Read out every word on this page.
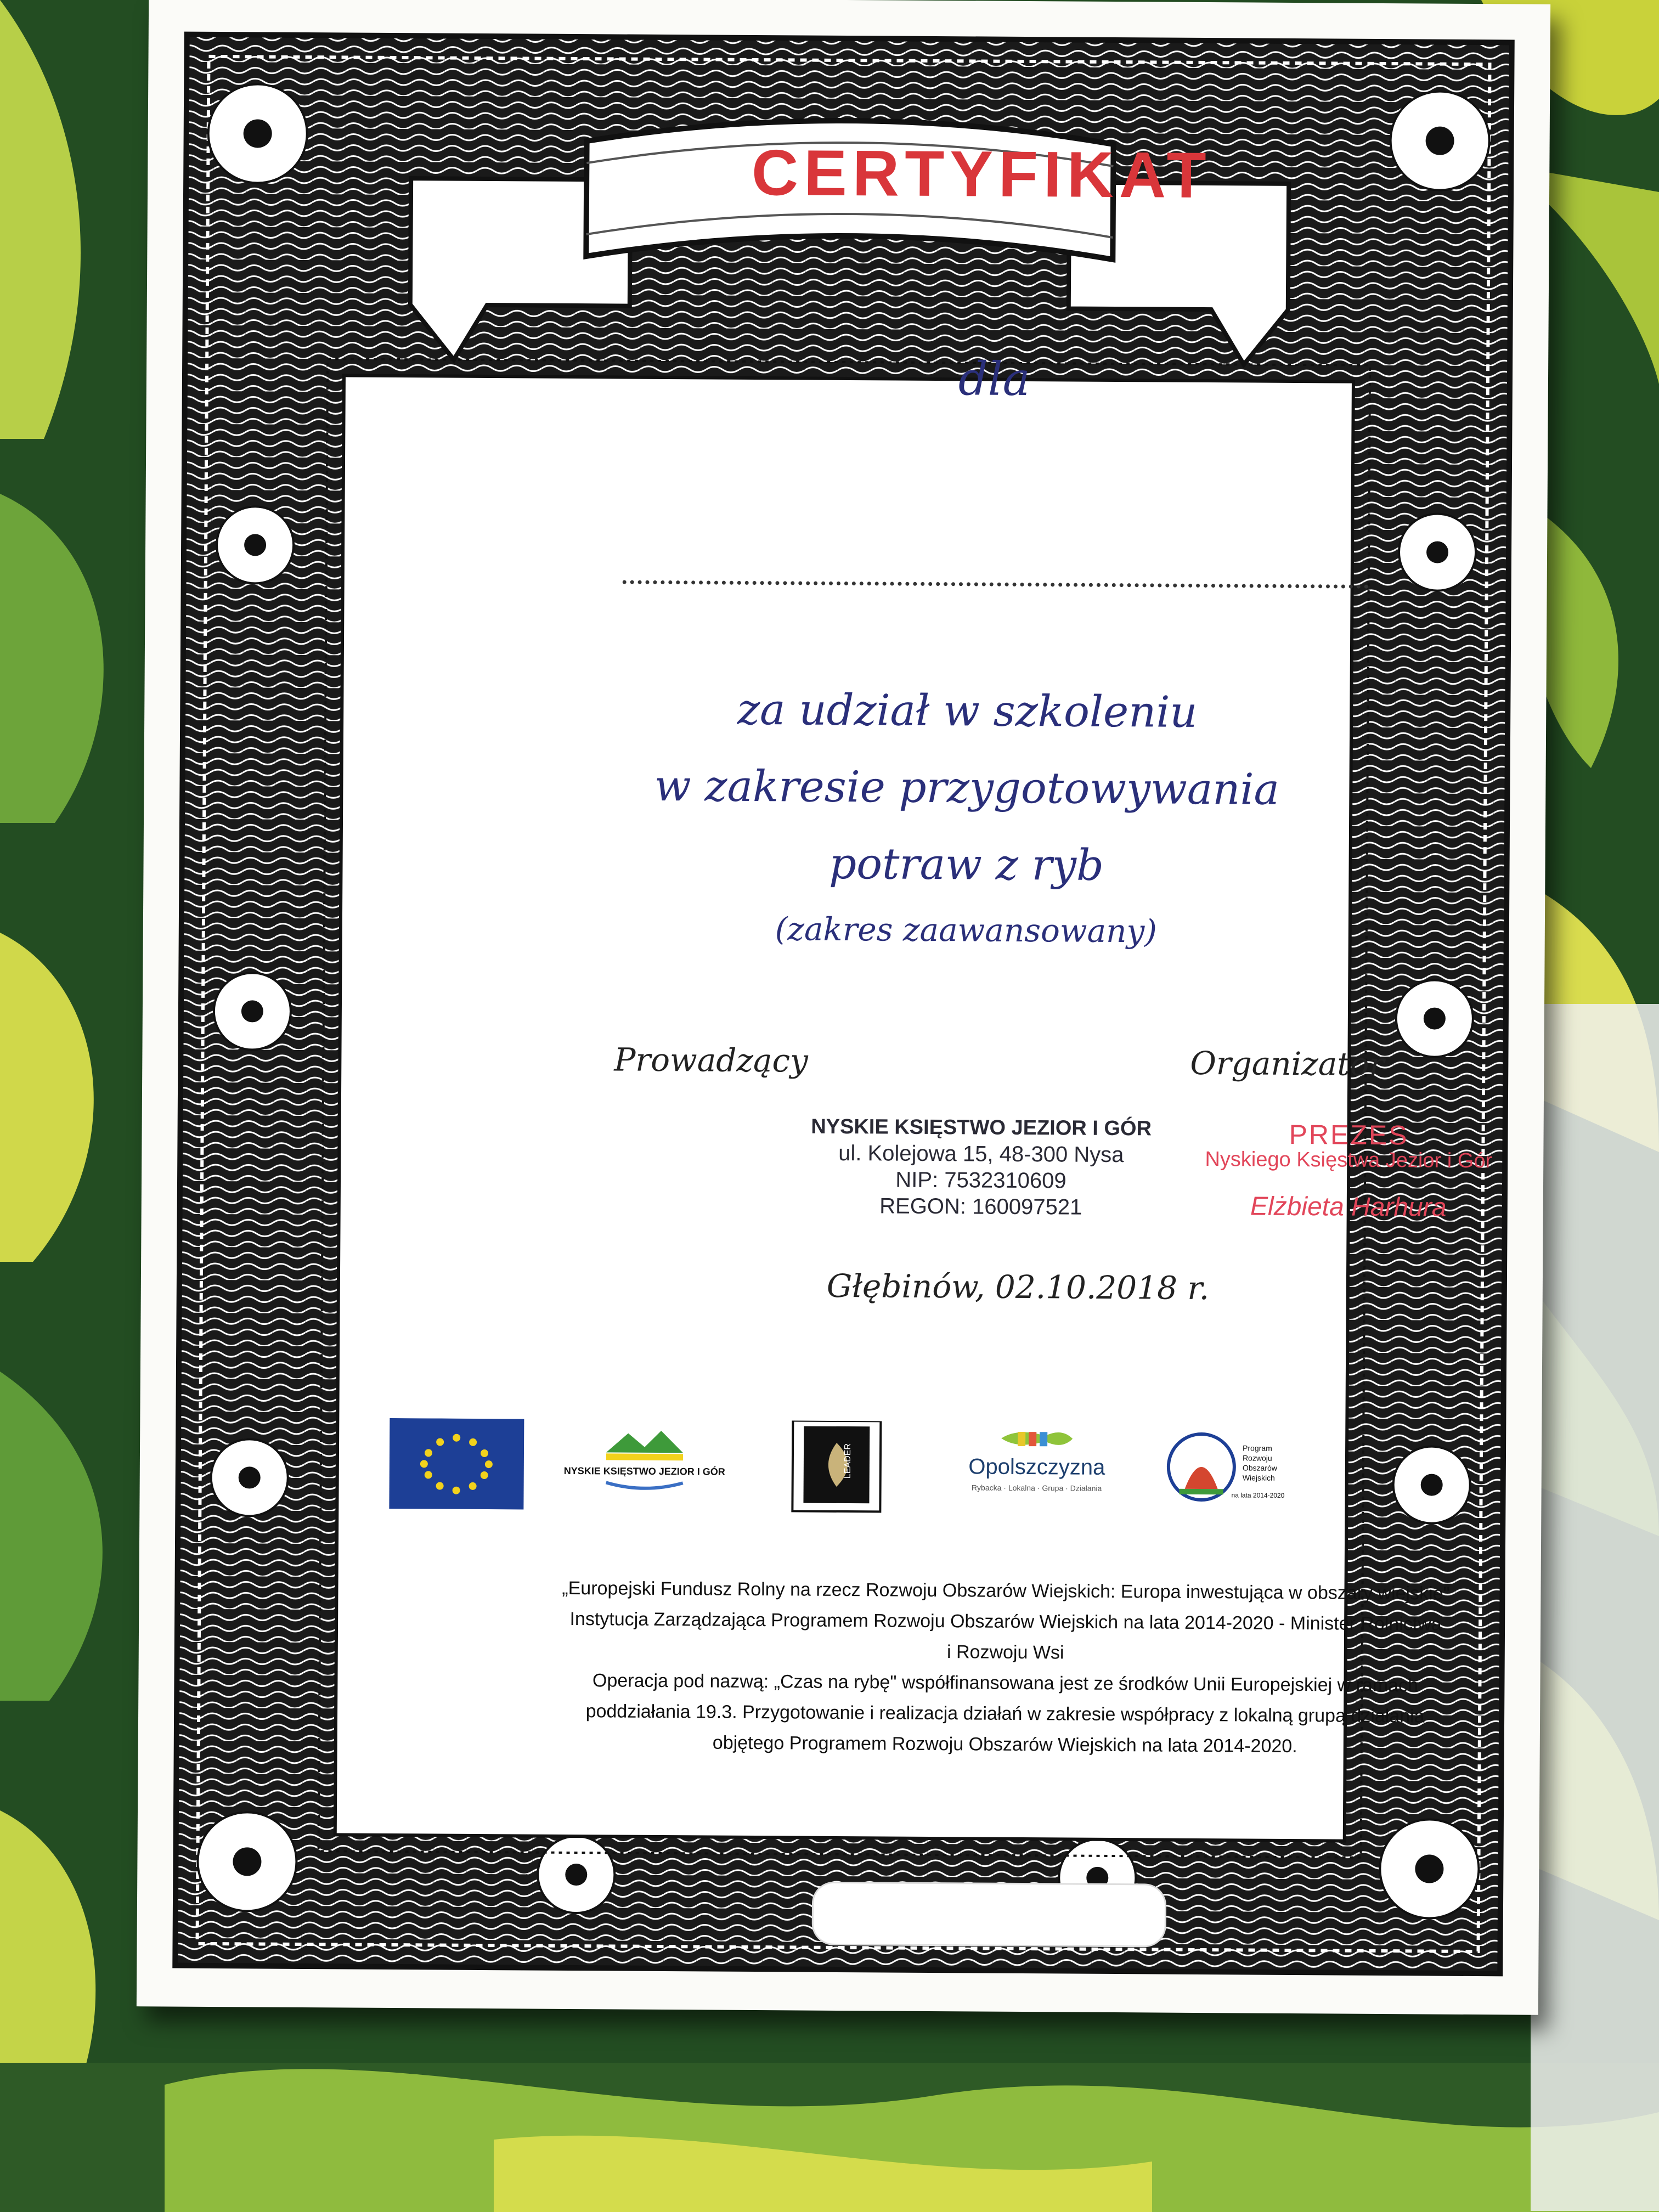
CERTYFIKAT
dla
za udział w szkoleniu
w zakresie przygotowywania
potraw z ryb
(zakres zaawansowany)
Prowadzący	Organizator
NYSKIE KSIĘSTWO JEZIOR I GÓR
ul. Kolejowa 15, 48-300 Nysa
NIP: 7532310609
REGON: 160097521
PREZES
Nyskiego Księstwa Jezior i Gór
Elżbieta Harhura
Głębinów, 02.10.2018 r.
NYSKIE KSIĘSTWO JEZIOR I GÓR	LEADER	Opolszczyzna
Rybacka · Lokalna · Grupa · Działania
Program
Rozwoju
Obszarów
Wiejskich
na lata 2014-2020
„Europejski Fundusz Rolny na rzecz Rozwoju Obszarów Wiejskich: Europa inwestująca w obszary wiejskie"
Instytucja Zarządzająca Programem Rozwoju Obszarów Wiejskich na lata 2014-2020 - Minister Rolnictwa
i Rozwoju Wsi
Operacja pod nazwą: „Czas na rybę" współfinansowana jest ze środków Unii Europejskiej w ramach
poddziałania 19.3. Przygotowanie i realizacja działań w zakresie współpracy z lokalną grupą działania
objętego Programem Rozwoju Obszarów Wiejskich na lata 2014-2020.
